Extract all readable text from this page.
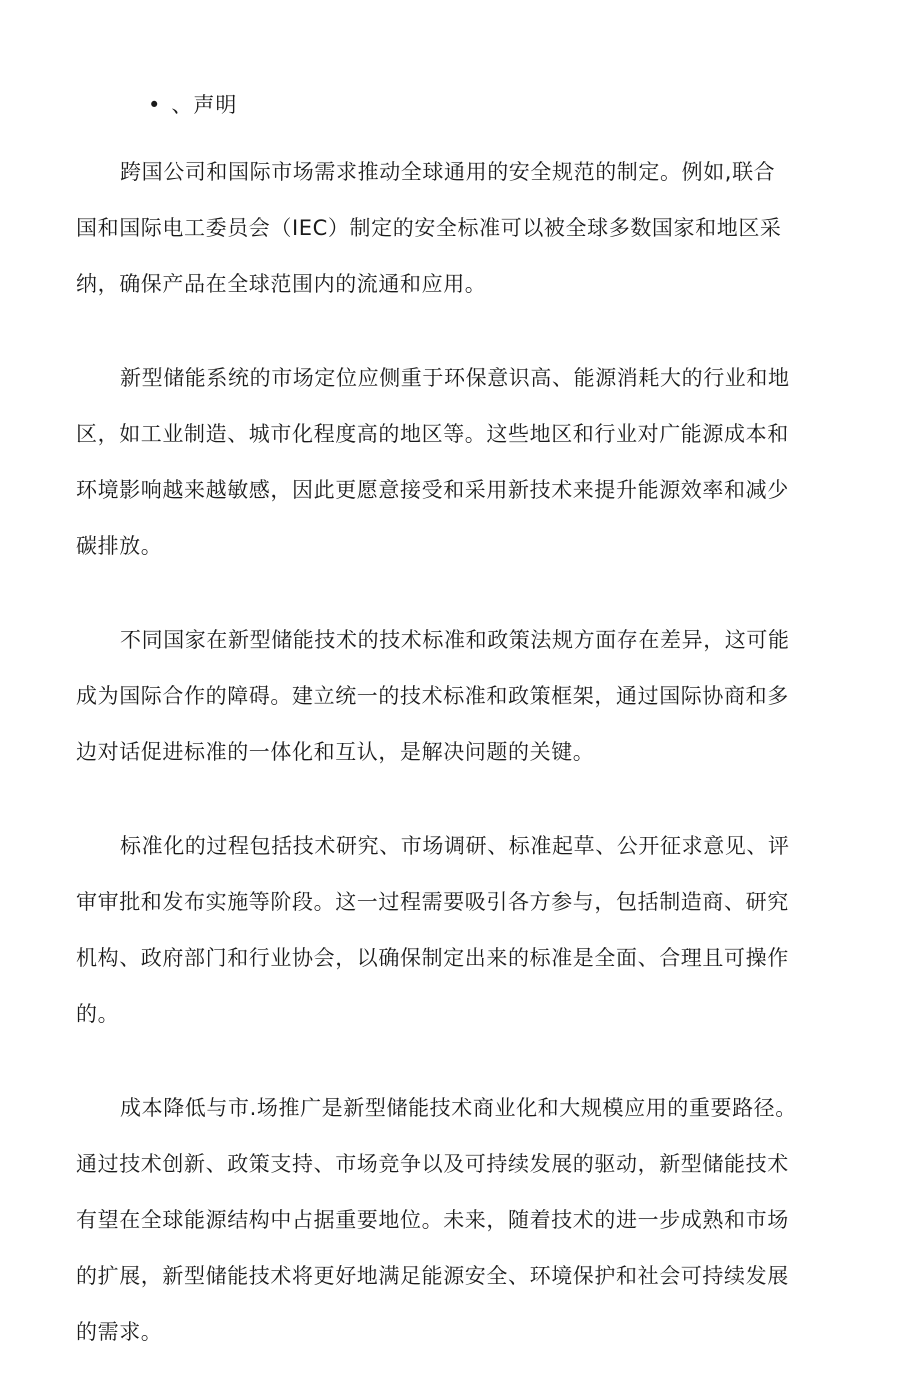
• 、声明

跨国公司和国际市场需求推动全球通用的安全规范的制定。例如,联合
国和国际电工委员会（IEC）制定的安全标准可以被全球多数国家和地区采
纳，确保产品在全球范围内的流通和应用。

新型储能系统的市场定位应侧重于环保意识高、能源消耗大的行业和地
区，如工业制造、城市化程度高的地区等。这些地区和行业对广能源成本和
环境影响越来越敏感，因此更愿意接受和采用新技术来提升能源效率和减少
碳排放。

不同国家在新型储能技术的技术标准和政策法规方面存在差异，这可能
成为国际合作的障碍。建立统一的技术标准和政策框架，通过国际协商和多
边对话促进标准的一体化和互认，是解决问题的关键。

标准化的过程包括技术研究、市场调研、标准起草、公开征求意见、评
审审批和发布实施等阶段。这一过程需要吸引各方参与，包括制造商、研究
机构、政府部门和行业协会，以确保制定出来的标准是全面、合理且可操作
的。

成本降低与市.场推广是新型储能技术商业化和大规模应用的重要路径。
通过技术创新、政策支持、市场竞争以及可持续发展的驱动，新型储能技术
有望在全球能源结构中占据重要地位。未来，随着技术的进一步成熟和市场
的扩展，新型储能技术将更好地满足能源安全、环境保护和社会可持续发展
的需求。
